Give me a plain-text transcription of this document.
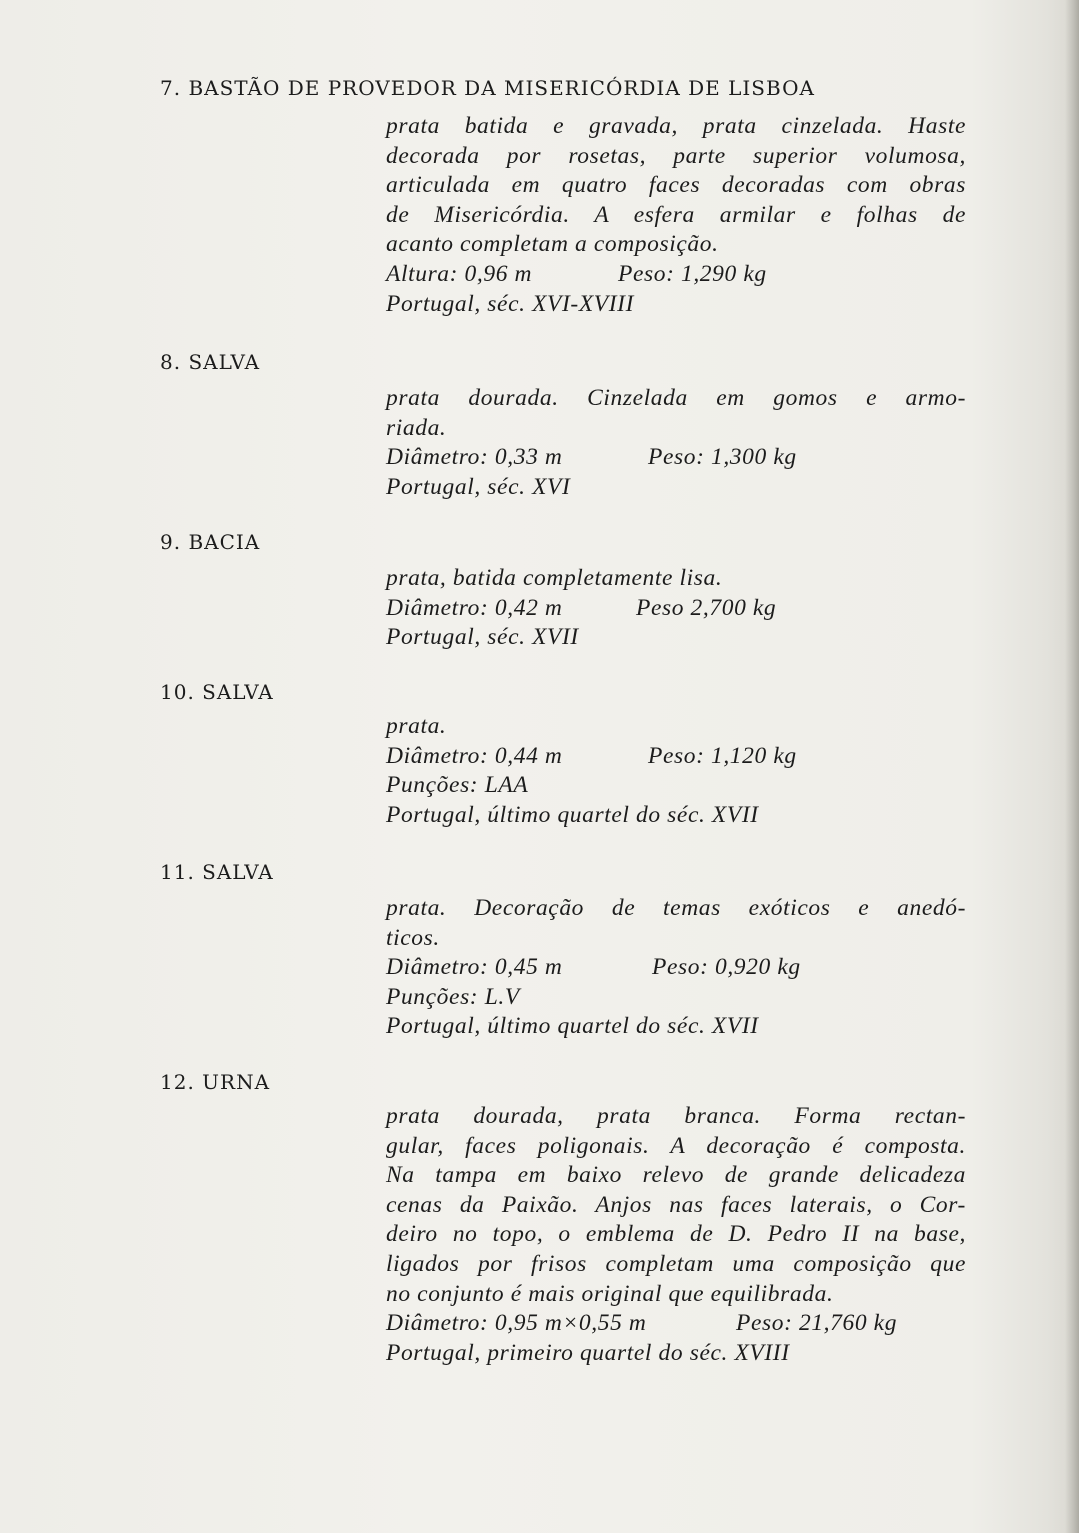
7. BASTÃO DE PROVEDOR DA MISERICÓRDIA DE LISBOA
prata batida e gravada, prata cinzelada. Haste
decorada por rosetas, parte superior volumosa,
articulada em quatro faces decoradas com obras
de Misericórdia. A esfera armilar e folhas de
acanto completam a composição.
Altura: 0,96 m	Peso: 1,290 kg
Portugal, séc. XVI-XVIII
8. SALVA
prata dourada. Cinzelada em gomos e armo-
riada.
Diâmetro: 0,33 m	Peso: 1,300 kg
Portugal, séc. XVI
9. BACIA
prata, batida completamente lisa.
Diâmetro: 0,42 m	Peso 2,700 kg
Portugal, séc. XVII
10. SALVA
prata.
Diâmetro: 0,44 m	Peso: 1,120 kg
Punções: LAA
Portugal, último quartel do séc. XVII
11. SALVA
prata. Decoração de temas exóticos e anedó-
ticos.
Diâmetro: 0,45 m	Peso: 0,920 kg
Punções: L.V
Portugal, último quartel do séc. XVII
12. URNA
prata dourada, prata branca. Forma rectan-
gular, faces poligonais. A decoração é composta.
Na tampa em baixo relevo de grande delicadeza
cenas da Paixão. Anjos nas faces laterais, o Cor-
deiro no topo, o emblema de D. Pedro II na base,
ligados por frisos completam uma composição que
no conjunto é mais original que equilibrada.
Diâmetro: 0,95 m×0,55 m	Peso: 21,760 kg
Portugal, primeiro quartel do séc. XVIII
